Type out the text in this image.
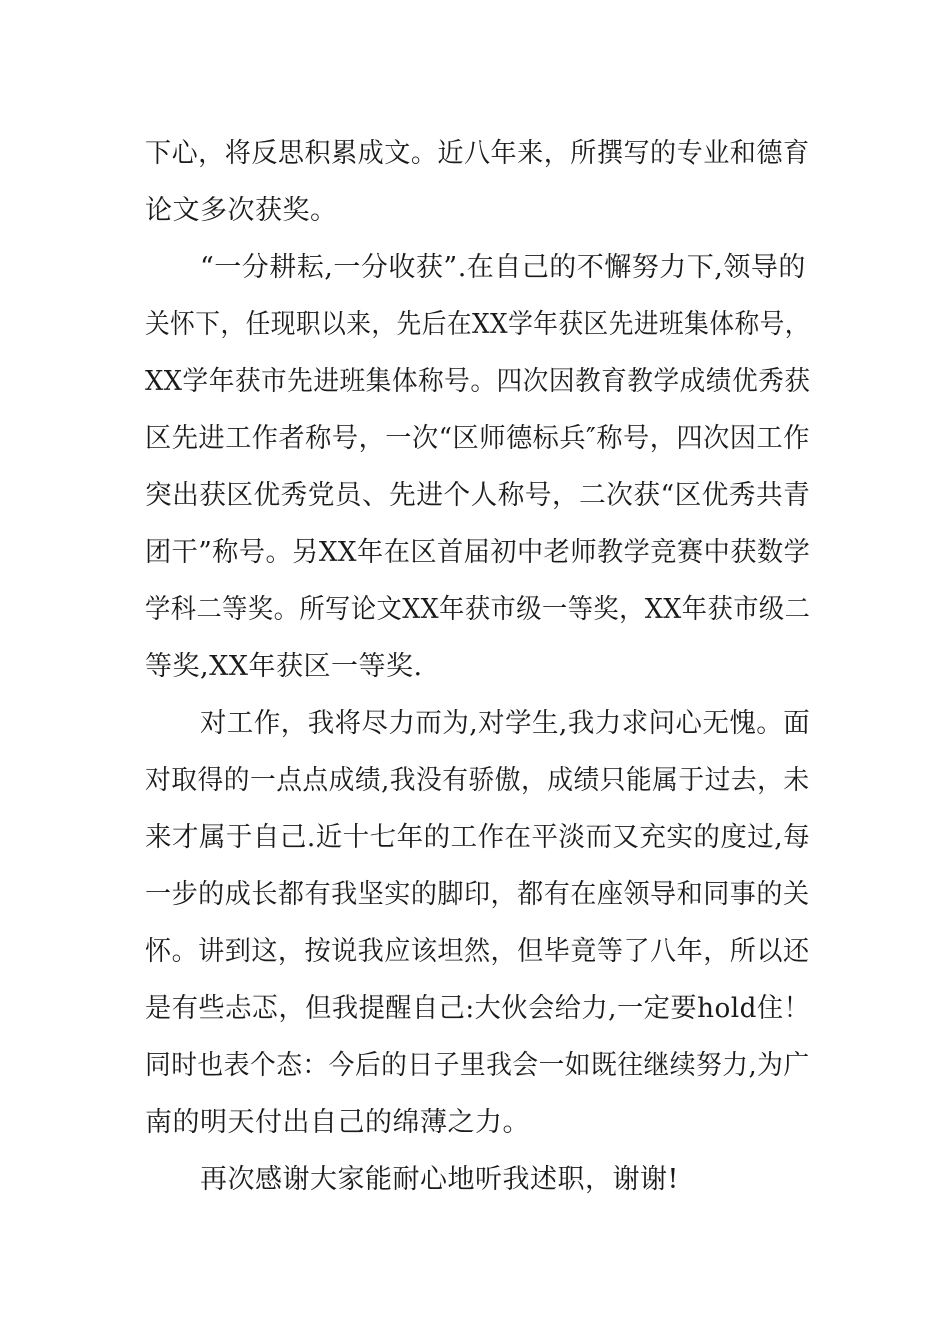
下心，将反思积累成文。近八年来，所撰写的专业和德育
论文多次获奖。
“一分耕耘,一分收获”.在自己的不懈努力下,领导的
关怀下，任现职以来，先后在XX学年获区先进班集体称号，
XX学年获市先进班集体称号。四次因教育教学成绩优秀获
区先进工作者称号，一次“区师德标兵″称号，四次因工作
突出获区优秀党员、先进个人称号，二次获“区优秀共青
团干”称号。另XX年在区首届初中老师教学竞赛中获数学
学科二等奖。所写论文XX年获市级一等奖，XX年获市级二
等奖,XX年获区一等奖.
对工作，我将尽力而为,对学生,我力求问心无愧。面
对取得的一点点成绩,我没有骄傲，成绩只能属于过去，未
来才属于自己.近十七年的工作在平淡而又充实的度过,每
一步的成长都有我坚实的脚印，都有在座领导和同事的关
怀。讲到这，按说我应该坦然，但毕竟等了八年，所以还
是有些忐忑，但我提醒自己:大伙会给力,一定要hold住！
同时也表个态：今后的日子里我会一如既往继续努力,为广
南的明天付出自己的绵薄之力。
再次感谢大家能耐心地听我述职，谢谢!
